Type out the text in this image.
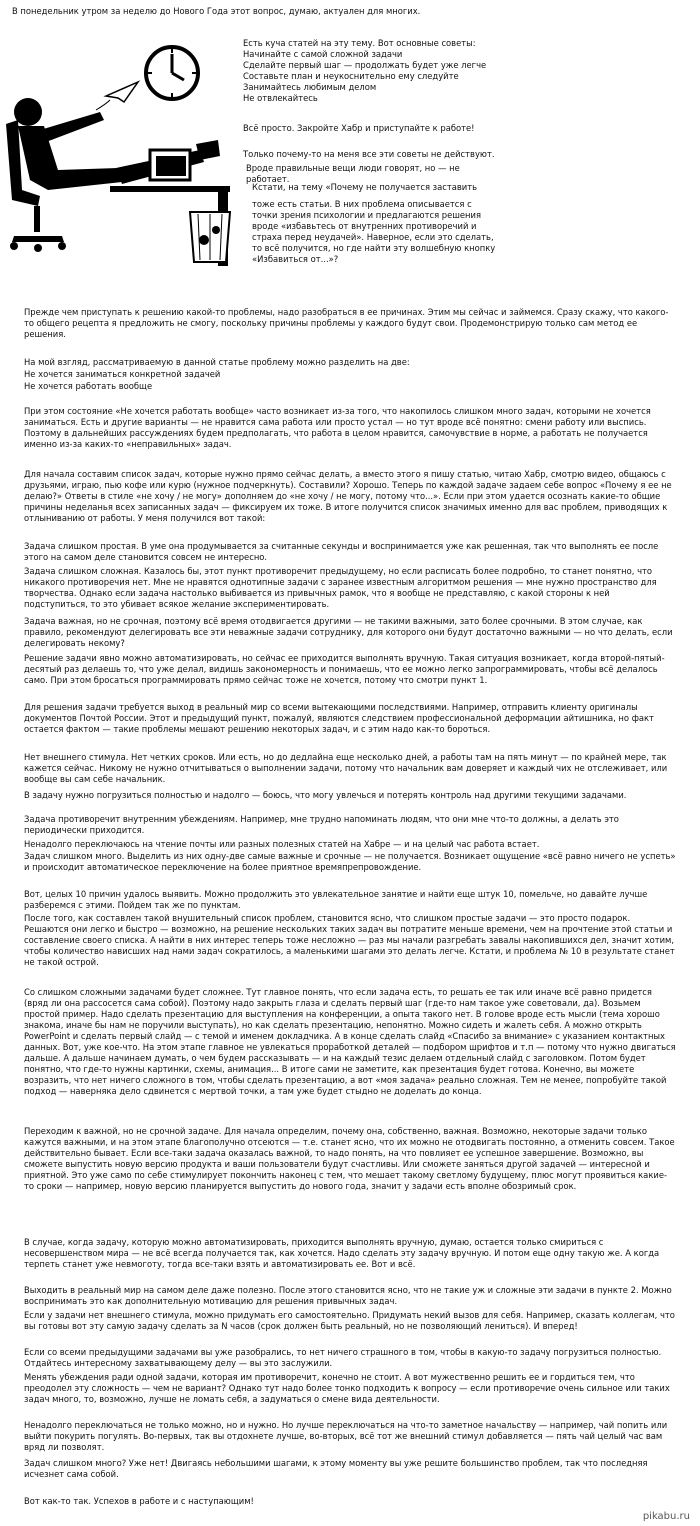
В понедельник утром за неделю до Нового Года этот вопрос, думаю, актуален для многих.
Есть куча статей на эту тему. Вот основные советы:
Начинайте с самой сложной задачи
Сделайте первый шаг — продолжать будет уже легче
Составьте план и неукоснительно ему следуйте
Занимайтесь любимым делом
Не отвлекайтесь
Всё просто. Закройте Хабр и приступайте к работе!
Только почему-то на меня все эти советы не действуют.
Вроде правильные вещи люди говорят, но — не работает.
Кстати, на тему «Почему не получается заставить
тоже есть статьи. В них проблема описывается с точки зрения психологии и предлагаются решения вроде «избавьтесь от внутренних противоречий и страха перед неудачей». Наверное, если это сделать, то всё получится, но где найти эту волшебную кнопку «Избавиться от...»?
Прежде чем приступать к решению какой-то проблемы, надо разобраться в ее причинах. Этим мы сейчас и займемся. Сразу скажу, что какого-то общего рецепта я предложить не смогу, поскольку причины проблемы у каждого будут свои. Продемонстрирую только сам метод ее решения.
На мой взгляд, рассматриваемую в данной статье проблему можно разделить на две:
Не хочется заниматься конкретной задачей
Не хочется работать вообще
При этом состояние «Не хочется работать вообще» часто возникает из-за того, что накопилось слишком много задач, которыми не хочется заниматься. Есть и другие варианты — не нравится сама работа или просто устал — но тут вроде всё понятно: смени работу или выспись. Поэтому в дальнейших рассуждениях будем предполагать, что работа в целом нравится, самочувствие в норме, а работать не получается именно из-за каких-то «неправильных» задач.
Для начала составим список задач, которые нужно прямо сейчас делать, а вместо этого я пишу статью, читаю Хабр, смотрю видео, общаюсь с друзьями, играю, пью кофе или курю (нужное подчеркнуть). Составили? Хорошо. Теперь по каждой задаче задаем себе вопрос «Почему я ее не делаю?» Ответы в стиле «не хочу / не могу» дополняем до «не хочу / не могу, потому что...». Если при этом удается осознать какие-то общие причины неделанья всех записанных задач — фиксируем их тоже. В итоге получится список значимых именно для вас проблем, приводящих к отлыниванию от работы. У меня получился вот такой:
Задача слишком простая. В уме она продумывается за считанные секунды и воспринимается уже как решенная, так что выполнять ее после этого на самом деле становится совсем не интересно.
Задача слишком сложная. Казалось бы, этот пункт противоречит предыдущему, но если расписать более подробно, то станет понятно, что никакого противоречия нет. Мне не нравятся однотипные задачи с заранее известным алгоритмом решения — мне нужно пространство для творчества. Однако если задача настолько выбивается из привычных рамок, что я вообще не представляю, с какой стороны к ней подступиться, то это убивает всякое желание экспериментировать.
Задача важная, но не срочная, поэтому всё время отодвигается другими — не такими важными, зато более срочными. В этом случае, как правило, рекомендуют делегировать все эти неважные задачи сотруднику, для которого они будут достаточно важными — но что делать, если делегировать некому?
Решение задачи явно можно автоматизировать, но сейчас ее приходится выполнять вручную. Такая ситуация возникает, когда второй-пятый-десятый раз делаешь то, что уже делал, видишь закономерность и понимаешь, что ее можно легко запрограммировать, чтобы всё делалось само. При этом бросаться программировать прямо сейчас тоже не хочется, потому что смотри пункт 1.
Для решения задачи требуется выход в реальный мир со всеми вытекающими последствиями. Например, отправить клиенту оригиналы документов Почтой России. Этот и предыдущий пункт, пожалуй, являются следствием профессиональной деформации айтишника, но факт остается фактом — такие проблемы мешают решению некоторых задач, и с этим надо как-то бороться.
Нет внешнего стимула. Нет четких сроков. Или есть, но до дедлайна еще несколько дней, а работы там на пять минут — по крайней мере, так кажется сейчас. Никому не нужно отчитываться о выполнении задачи, потому что начальник вам доверяет и каждый чих не отслеживает, или вообще вы сам себе начальник.
В задачу нужно погрузиться полностью и надолго — боюсь, что могу увлечься и потерять контроль над другими текущими задачами.
Задача противоречит внутренним убеждениям. Например, мне трудно напоминать людям, что они мне что-то должны, а делать это периодически приходится.
Ненадолго переключаюсь на чтение почты или разных полезных статей на Хабре — и на целый час работа встает.
Задач слишком много. Выделить из них одну-две самые важные и срочные — не получается. Возникает ощущение «всё равно ничего не успеть» и происходит автоматическое переключение на более приятное времяпрепровождение.
Вот, целых 10 причин удалось выявить. Можно продолжить это увлекательное занятие и найти еще штук 10, помельче, но давайте лучше разберемся с этими. Пойдем так же по пунктам.
После того, как составлен такой внушительный список проблем, становится ясно, что слишком простые задачи — это просто подарок. Решаются они легко и быстро — возможно, на решение нескольких таких задач вы потратите меньше времени, чем на прочтение этой статьи и составление своего списка. А найти в них интерес теперь тоже несложно — раз мы начали разгребать завалы накопившихся дел, значит хотим, чтобы количество нависших над нами задач сократилось, а маленькими шагами это делать легче. Кстати, и проблема № 10 в результате станет не такой острой.
Со слишком сложными задачами будет сложнее. Тут главное понять, что если задача есть, то решать ее так или иначе всё равно придется (вряд ли она рассосется сама собой). Поэтому надо закрыть глаза и сделать первый шаг (где-то нам такое уже советовали, да). Возьмем простой пример. Надо сделать презентацию для выступления на конференции, а опыта такого нет. В голове вроде есть мысли (тема хорошо знакома, иначе бы нам не поручили выступать), но как сделать презентацию, непонятно. Можно сидеть и жалеть себя. А можно открыть PowerPoint и сделать первый слайд — с темой и именем докладчика. А в конце сделать слайд «Спасибо за внимание» с указанием контактных данных. Вот, уже кое-что. На этом этапе главное не увлекаться проработкой деталей — подбором шрифтов и т.п — потому что нужно двигаться дальше. А дальше начинаем думать, о чем будем рассказывать — и на каждый тезис делаем отдельный слайд с заголовком. Потом будет понятно, что где-то нужны картинки, схемы, анимация... В итоге сами не заметите, как презентация будет готова. Конечно, вы можете возразить, что нет ничего сложного в том, чтобы сделать презентацию, а вот «моя задача» реально сложная. Тем не менее, попробуйте такой подход — наверняка дело сдвинется с мертвой точки, а там уже будет стыдно не доделать до конца.
Переходим к важной, но не срочной задаче. Для начала определим, почему она, собственно, важная. Возможно, некоторые задачи только кажутся важными, и на этом этапе благополучно отсеются — т.е. станет ясно, что их можно не отодвигать постоянно, а отменить совсем. Такое действительно бывает. Если все-таки задача оказалась важной, то надо понять, на что повлияет ее успешное завершение. Возможно, вы сможете выпустить новую версию продукта и ваши пользователи будут счастливы. Или сможете заняться другой задачей — интересной и приятной. Это уже само по себе стимулирует покончить наконец с тем, что мешает такому светлому будущему, плюс могут проявиться какие-то сроки — например, новую версию планируется выпустить до нового года, значит у задачи есть вполне обозримый срок.
В случае, когда задачу, которую можно автоматизировать, приходится выполнять вручную, думаю, остается только смириться с несовершенством мира — не всё всегда получается так, как хочется. Надо сделать эту задачу вручную. И потом еще одну такую же. А когда терпеть станет уже невмоготу, тогда все-таки взять и автоматизировать ее. Вот и всё.
Выходить в реальный мир на самом деле даже полезно. После этого становится ясно, что не такие уж и сложные эти задачи в пункте 2. Можно воспринимать это как дополнительную мотивацию для решения привычных задач.
Если у задачи нет внешнего стимула, можно придумать его самостоятельно. Придумать некий вызов для себя. Например, сказать коллегам, что вы готовы вот эту самую задачу сделать за N часов (срок должен быть реальный, но не позволяющий лениться). И вперед!
Если со всеми предыдущими задачами вы уже разобрались, то нет ничего страшного в том, чтобы в какую-то задачу погрузиться полностью. Отдайтесь интересному захватывающему делу — вы это заслужили.
Менять убеждения ради одной задачи, которая им противоречит, конечно не стоит. А вот мужественно решить ее и гордиться тем, что преодолел эту сложность — чем не вариант? Однако тут надо более тонко подходить к вопросу — если противоречие очень сильное или таких задач много, то, возможно, лучше не ломать себя, а задуматься о смене вида деятельности.
Ненадолго переключаться не только можно, но и нужно. Но лучше переключаться на что-то заметное начальству — например, чай попить или выйти покурить погулять. Во-первых, так вы отдохнете лучше, во-вторых, всё тот же внешний стимул добавляется — пять чай целый час вам вряд ли позволят.
Задач слишком много? Уже нет! Двигаясь небольшими шагами, к этому моменту вы уже решите большинство проблем, так что последняя исчезнет сама собой.
Вот как-то так. Успехов в работе и с наступающим!
pikabu.ru
